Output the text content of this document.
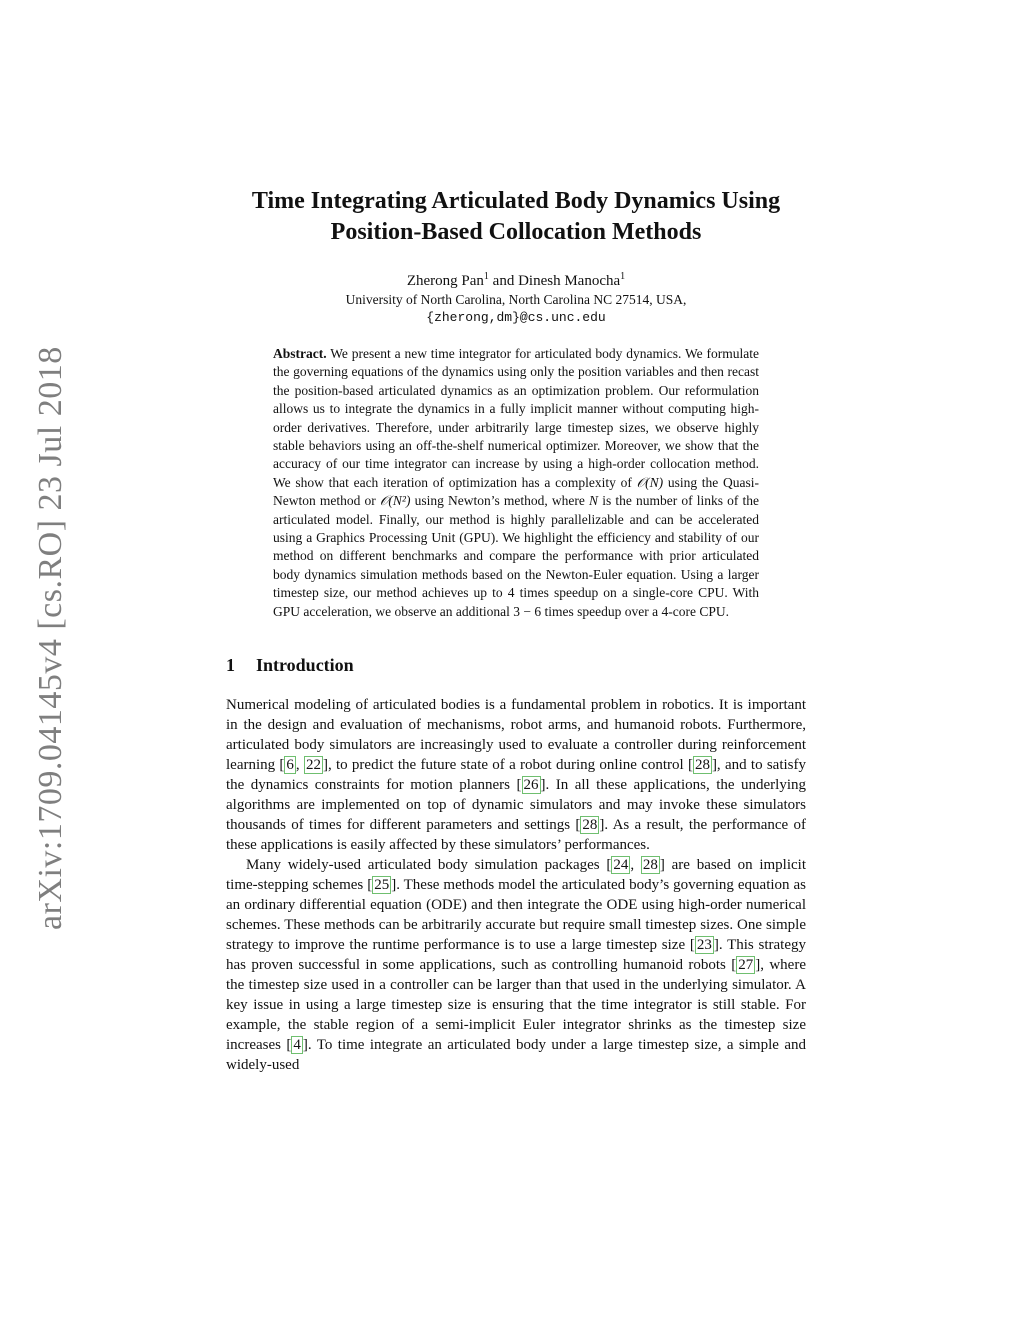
arXiv:1709.04145v4 [cs.RO] 23 Jul 2018
Time Integrating Articulated Body Dynamics Using
Position-Based Collocation Methods
Zherong Pan$^1$ and Dinesh Manocha$^1$
University of North Carolina, North Carolina NC 27514, USA,
{zherong,dm}@cs.unc.edu
Abstract. We present a new time integrator for articulated body dynamics. We formulate the governing equations of the dynamics using only the position variables and then recast the position-based articulated dynamics as an optimization problem. Our reformulation allows us to integrate the dynamics in a fully implicit manner without computing high-order derivatives. Therefore, under arbitrarily large timestep sizes, we observe highly stable behaviors using an off-the-shelf numerical optimizer. Moreover, we show that the accuracy of our time integrator can increase by using a high-order collocation method. We show that each iteration of optimization has a complexity of 𝒪(N) using the Quasi-Newton method or 𝒪(N²) using Newton’s method, where N is the number of links of the articulated model. Finally, our method is highly parallelizable and can be accelerated using a Graphics Processing Unit (GPU). We highlight the efficiency and stability of our method on different benchmarks and compare the performance with prior articulated body dynamics simulation methods based on the Newton-Euler equation. Using a larger timestep size, our method achieves up to 4 times speedup on a single-core CPU. With GPU acceleration, we observe an additional 3 − 6 times speedup over a 4-core CPU.
1 Introduction

Numerical modeling of articulated bodies is a fundamental problem in robotics. It is important in the design and evaluation of mechanisms, robot arms, and humanoid robots. Furthermore, articulated body simulators are increasingly used to evaluate a controller during reinforcement learning [ 6 , 22 ], to predict the future state of a robot during online control [ 28 ], and to satisfy the dynamics constraints for motion planners [ 26 ]. In all these applications, the underlying algorithms are implemented on top of dynamic simulators and may invoke these simulators thousands of times for different parameters and settings [ 28 ]. As a result, the performance of these applications is easily affected by these simulators’ performances.

Many widely-used articulated body simulation packages [ 24 , 28 ] are based on implicit time-stepping schemes [ 25 ]. These methods model the articulated body’s governing equation as an ordinary differential equation (ODE) and then integrate the ODE using high-order numerical schemes. These methods can be arbitrarily accurate but require small timestep sizes. One simple strategy to improve the runtime performance is to use a large timestep size [ 23 ]. This strategy has proven successful in some applications, such as controlling humanoid robots [ 27 ], where the timestep size used in a controller can be larger than that used in the underlying simulator. A key issue in using a large timestep size is ensuring that the time integrator is still stable. For example, the stable region of a semi-implicit Euler integrator shrinks as the timestep size increases [ 4 ]. To time integrate an articulated body under a large timestep size, a simple and widely-used
